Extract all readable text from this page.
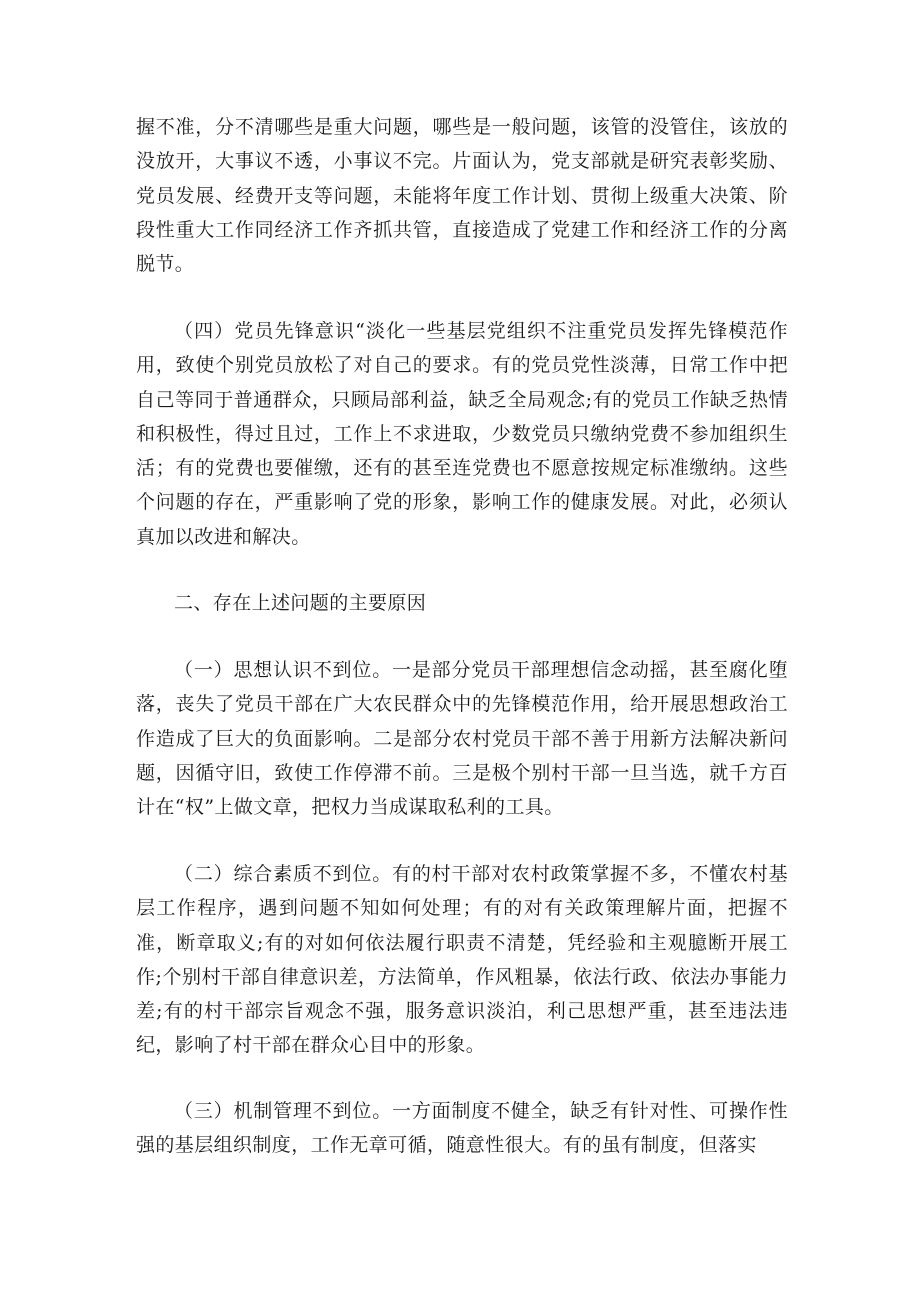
握不准，分不清哪些是重大问题，哪些是一般问题，该管的没管住，该放的没放开，大事议不透，小事议不完。片面认为，党支部就是研究表彰奖励、党员发展、经费开支等问题，未能将年度工作计划、贯彻上级重大决策、阶段性重大工作同经济工作齐抓共管，直接造成了党建工作和经济工作的分离脱节。

（四）党员先锋意识“淡化一些基层党组织不注重党员发挥先锋模范作用，致使个别党员放松了对自己的要求。有的党员党性淡薄，日常工作中把自己等同于普通群众，只顾局部利益，缺乏全局观念;有的党员工作缺乏热情和积极性，得过且过，工作上不求进取，少数党员只缴纳党费不参加组织生活；有的党费也要催缴，还有的甚至连党费也不愿意按规定标准缴纳。这些个问题的存在，严重影响了党的形象，影响工作的健康发展。对此，必须认真加以改进和解决。

二、存在上述问题的主要原因

（一）思想认识不到位。一是部分党员干部理想信念动摇，甚至腐化堕落，丧失了党员干部在广大农民群众中的先锋模范作用，给开展思想政治工作造成了巨大的负面影响。二是部分农村党员干部不善于用新方法解决新问题，因循守旧，致使工作停滞不前。三是极个别村干部一旦当选，就千方百计在“权”上做文章，把权力当成谋取私利的工具。

（二）综合素质不到位。有的村干部对农村政策掌握不多，不懂农村基层工作程序，遇到问题不知如何处理；有的对有关政策理解片面，把握不准，断章取义;有的对如何依法履行职责不清楚，凭经验和主观臆断开展工作;个别村干部自律意识差，方法简单，作风粗暴，依法行政、依法办事能力差;有的村干部宗旨观念不强，服务意识淡泊，利己思想严重，甚至违法违纪，影响了村干部在群众心目中的形象。

（三）机制管理不到位。一方面制度不健全，缺乏有针对性、可操作性强的基层组织制度，工作无章可循，随意性很大。有的虽有制度，但落实
